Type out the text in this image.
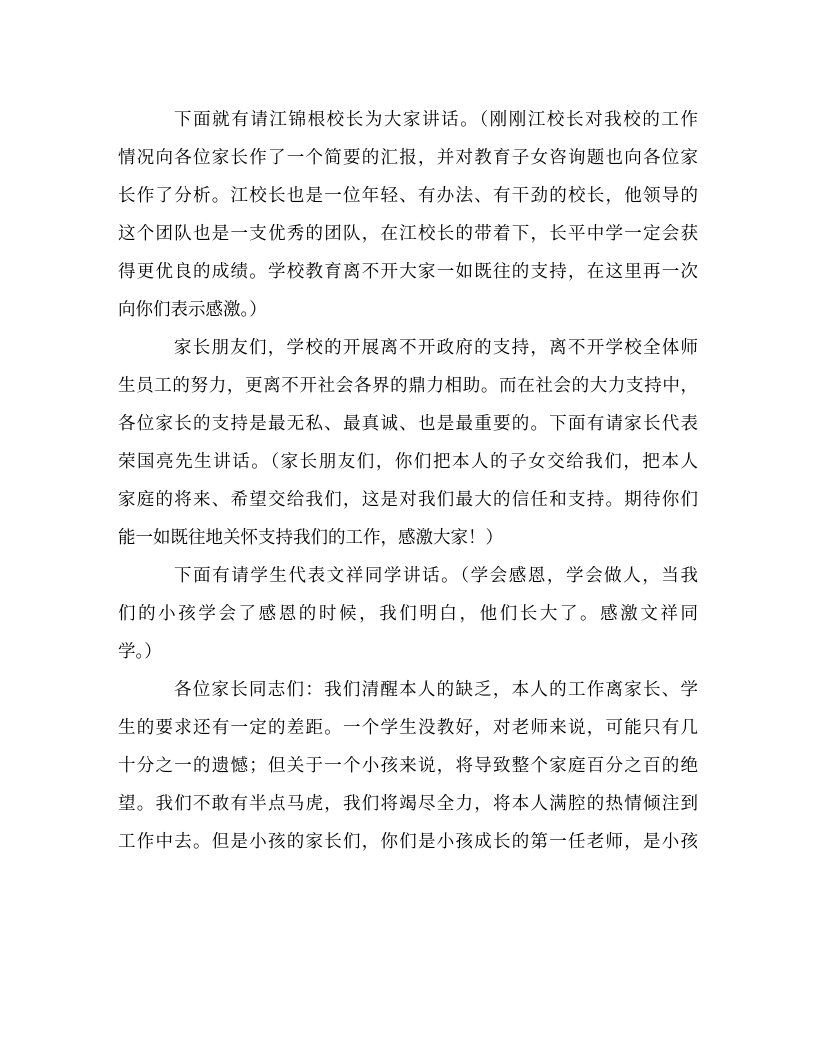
下面就有请江锦根校长为大家讲话。（刚刚江校长对我校的工作
情况向各位家长作了一个简要的汇报，并对教育子女咨询题也向各位家
长作了分析。江校长也是一位年轻、有办法、有干劲的校长，他领导的
这个团队也是一支优秀的团队，在江校长的带着下，长平中学一定会获
得更优良的成绩。学校教育离不开大家一如既往的支持，在这里再一次
向你们表示感激。）
家长朋友们，学校的开展离不开政府的支持，离不开学校全体师
生员工的努力，更离不开社会各界的鼎力相助。而在社会的大力支持中，
各位家长的支持是最无私、最真诚、也是最重要的。下面有请家长代表
荣国亮先生讲话。（家长朋友们，你们把本人的子女交给我们，把本人
家庭的将来、希望交给我们，这是对我们最大的信任和支持。期待你们
能一如既往地关怀支持我们的工作，感激大家！）
下面有请学生代表文祥同学讲话。（学会感恩，学会做人，当我
们的小孩学会了感恩的时候，我们明白，他们长大了。感激文祥同
学。）
各位家长同志们：我们清醒本人的缺乏，本人的工作离家长、学
生的要求还有一定的差距。一个学生没教好，对老师来说，可能只有几
十分之一的遗憾；但关于一个小孩来说，将导致整个家庭百分之百的绝
望。我们不敢有半点马虎，我们将竭尽全力，将本人满腔的热情倾注到
工作中去。但是小孩的家长们，你们是小孩成长的第一任老师，是小孩
